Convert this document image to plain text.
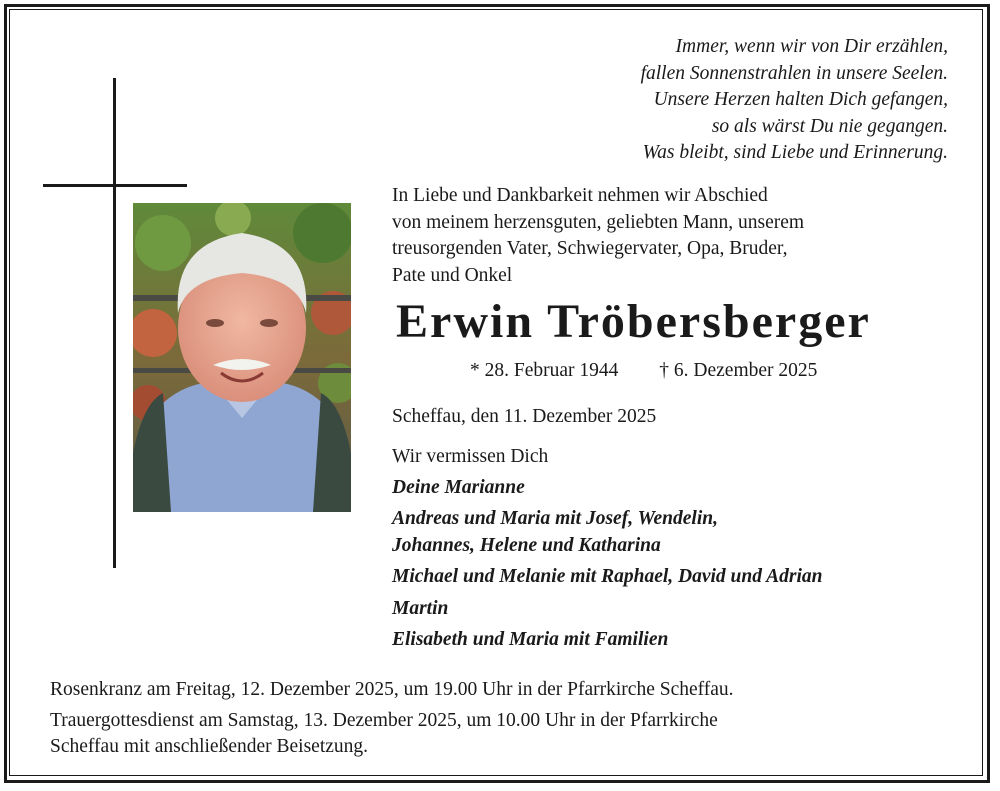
Immer, wenn wir von Dir erzählen,
fallen Sonnenstrahlen in unsere Seelen.
Unsere Herzen halten Dich gefangen,
so als wärst Du nie gegangen.
Was bleibt, sind Liebe und Erinnerung.
In Liebe und Dankbarkeit nehmen wir Abschied
von meinem herzensguten, geliebten Mann, unserem
treusorgenden Vater, Schwiegervater, Opa, Bruder,
Pate und Onkel
Erwin Tröbersberger
* 28. Februar 1944 † 6. Dezember 2025
Scheffau, den 11. Dezember 2025
Wir vermissen Dich
Deine Marianne
Andreas und Maria mit Josef, Wendelin,
Johannes, Helene und Katharina
Michael und Melanie mit Raphael, David und Adrian
Martin
Elisabeth und Maria mit Familien
Rosenkranz am Freitag, 12. Dezember 2025, um 19.00 Uhr in der Pfarrkirche Scheffau.
Trauergottesdienst am Samstag, 13. Dezember 2025, um 10.00 Uhr in der Pfarrkirche
Scheffau mit anschließender Beisetzung.
